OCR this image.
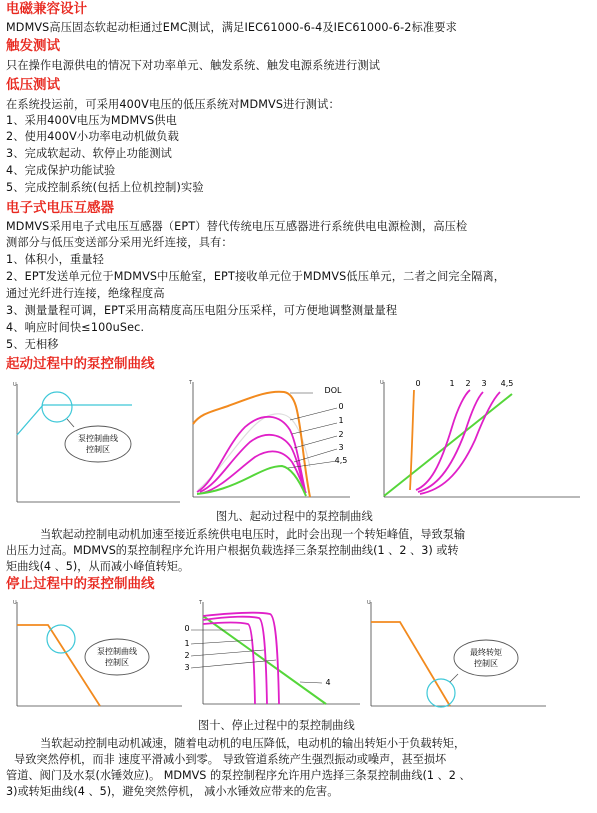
电磁兼容设计
MDMVS高压固态软起动柜通过EMC测试，满足IEC61000-6-4及IEC61000-6-2标准要求
触发测试
只在操作电源供电的情况下对功率单元、触发系统、触发电源系统进行测试
低压测试
在系统投运前，可采用400V电压的低压系统对MDMVS进行测试：
1、采用400V电压为MDMVS供电
2、使用400V小功率电动机做负载
3、完成软起动、软停止功能测试
4、完成保护功能试验
5、完成控制系统(包括上位机控制)实验
电子式电压互感器
MDMVS采用电子式电压互感器（EPT）替代传统电压互感器进行系统供电电源检测，高压检
测部分与低压变送部分采用光纤连接，具有：
1、体积小，重量轻
2、EPT发送单元位于MDMVS中压舱室，EPT接收单元位于MDMVS低压单元，二者之间完全隔离，
通过光纤进行连接，绝缘程度高
3、测量量程可调，EPT采用高精度高压电阻分压采样，可方便地调整测量量程
4、响应时间快≤100uSec.
5、无相移
起动过程中的泵控制曲线
U
泵控制曲线
控制区
T
DOL
0
1
2
3
4,5
U	0	1 2 3 4,5
图九、起动过程中的泵控制曲线
当软起动控制电动机加速至接近系统供电电压时，此时会出现一个转矩峰值，导致泵输
出压力过高。MDMVS的泵控制程序允许用户根据负载选择三条泵控制曲线(1 、2 、3) 或转
矩曲线(4 、5)，从而减小峰值转矩。
停止过程中的泵控制曲线
U
泵控制曲线
控制区
T
0
1
2
3
4
U
最终转矩
控制区
图十、停止过程中的泵控制曲线
当软起动控制电动机减速，随着电动机的电压降低，电动机的输出转矩小于负载转矩，
导致突然停机，而非 速度平滑减小到零。 导致管道系统产生强烈振动或噪声，甚至损坏
管道、阀门及水泵(水锤效应)。 MDMVS 的泵控制程序允许用户选择三条泵控制曲线(1 、2 、
3)或转矩曲线(4 、5)，避免突然停机， 减小水锤效应带来的危害。
